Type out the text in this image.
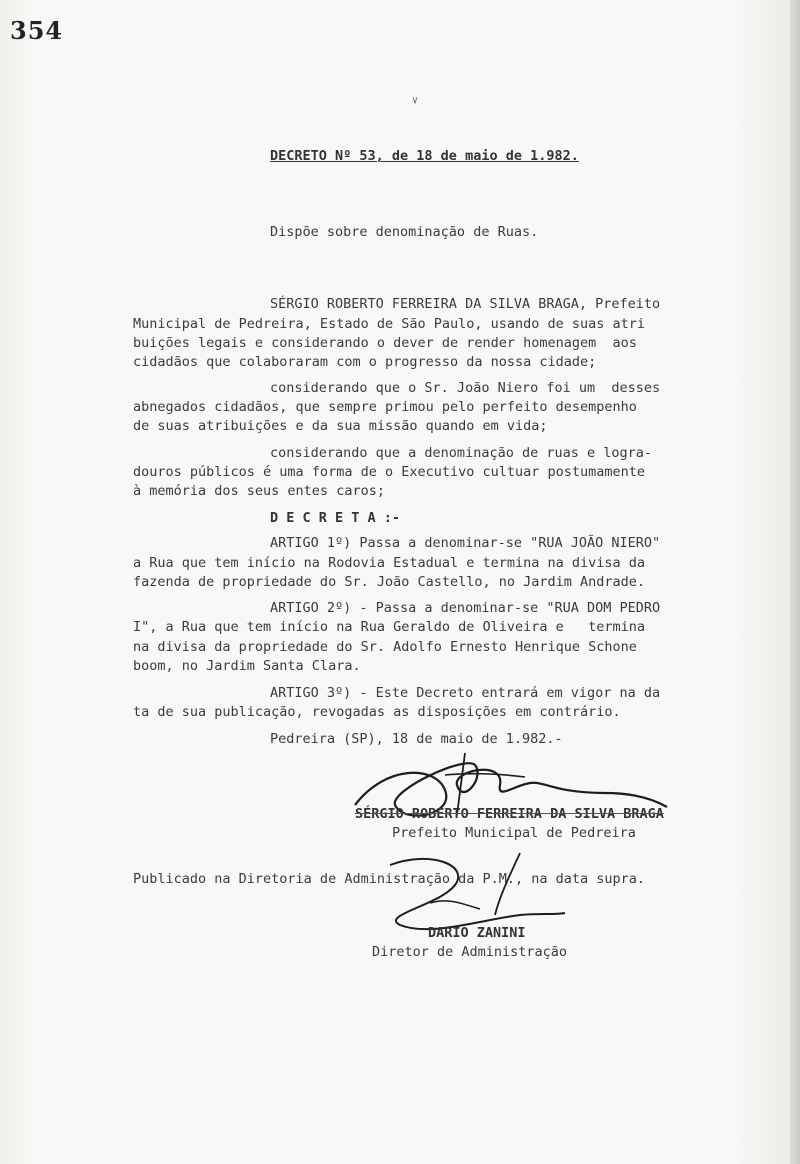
354
DECRETO Nº 53, de 18 de maio de 1.982.
Dispõe sobre denominação de Ruas.
SÉRGIO ROBERTO FERREIRA DA SILVA BRAGA, Prefeito
Municipal de Pedreira, Estado de São Paulo, usando de suas atri
buições legais e considerando o dever de render homenagem  aos
cidadãos que colaboraram com o progresso da nossa cidade;
considerando que o Sr. João Niero foi um  desses
abnegados cidadãos, que sempre primou pelo perfeito desempenho
de suas atribuições e da sua missão quando em vida;
considerando que a denominação de ruas e logra-
douros públicos é uma forma de o Executivo cultuar postumamente
à memória dos seus entes caros;
D E C R E T A :-
ARTIGO 1º) Passa a denominar-se "RUA JOÃO NIERO"
a Rua que tem início na Rodovia Estadual e termina na divisa da
fazenda de propriedade do Sr. João Castello, no Jardim Andrade.
ARTIGO 2º) - Passa a denominar-se "RUA DOM PEDRO
I", a Rua que tem início na Rua Geraldo de Oliveira e   termina
na divisa da propriedade do Sr. Adolfo Ernesto Henrique Schone
boom, no Jardim Santa Clara.
ARTIGO 3º) - Este Decreto entrará em vigor na da
ta de sua publicação, revogadas as disposições em contrário.
Pedreira (SP), 18 de maio de 1.982.-
SÉRGIO ROBERTO FERREIRA DA SILVA BRAGA
Prefeito Municipal de Pedreira
Publicado na Diretoria de Administração da P.M., na data supra.
DARIO ZANINI
Diretor de Administração
